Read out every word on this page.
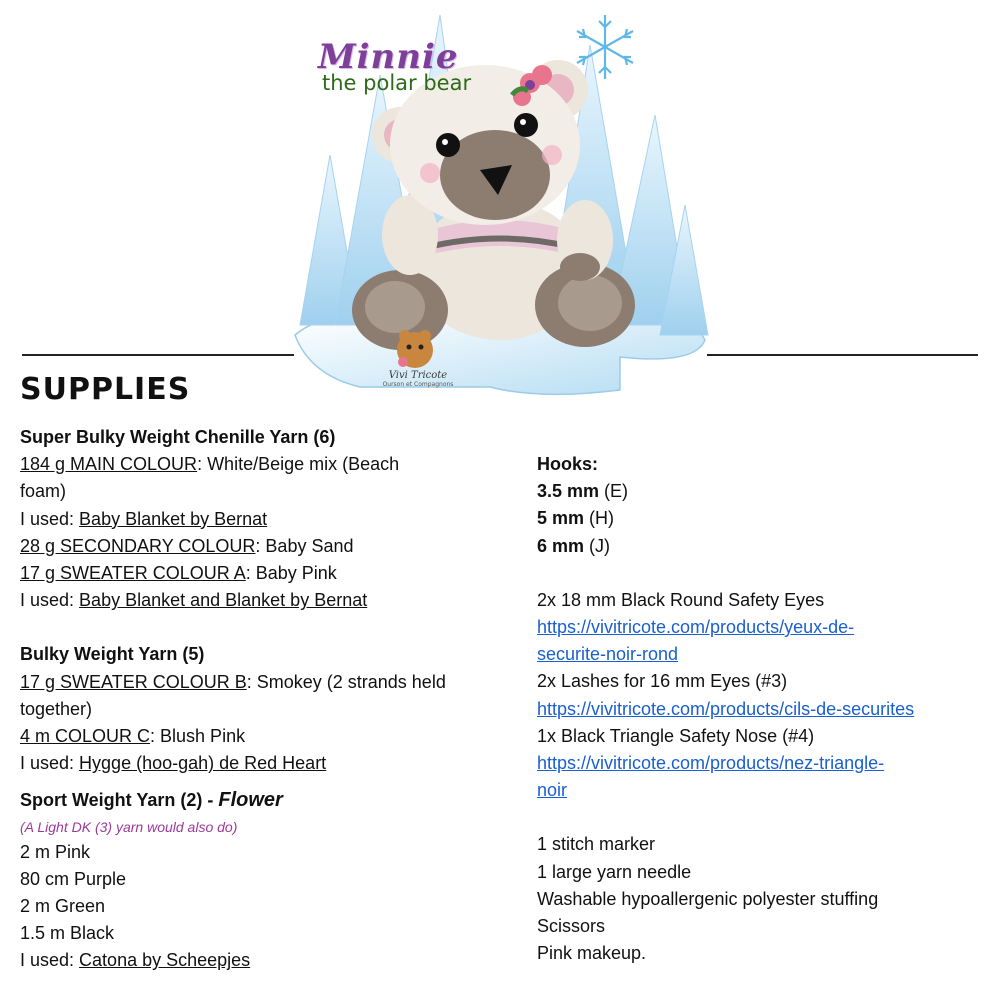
Minnie
the polar bear
Vivi Tricote
Ourson et Compagnons
SUPPLIES
Super Bulky Weight Chenille Yarn (6)
184 g MAIN COLOUR: White/Beige mix (Beach
foam)
I used: Baby Blanket by Bernat
28 g SECONDARY COLOUR: Baby Sand
17 g SWEATER COLOUR A: Baby Pink
I used: Baby Blanket and Blanket by Bernat
Bulky Weight Yarn (5)
17 g SWEATER COLOUR B: Smokey (2 strands held
together)
4 m COLOUR C: Blush Pink
I used: Hygge (hoo-gah) de Red Heart
Sport Weight Yarn (2) - Flower
(A Light DK (3) yarn would also do)
2 m Pink
80 cm Purple
2 m Green
1.5 m Black
I used: Catona by Scheepjes
Hooks:
3.5 mm (E)
5 mm (H)
6 mm (J)
2x 18 mm Black Round Safety Eyes
https://vivitricote.com/products/yeux-de-
securite-noir-rond
2x Lashes for 16 mm Eyes (#3)
https://vivitricote.com/products/cils-de-securites
1x Black Triangle Safety Nose (#4)
https://vivitricote.com/products/nez-triangle-
noir
1 stitch marker
1 large yarn needle
Washable hypoallergenic polyester stuffing
Scissors
Pink makeup.
